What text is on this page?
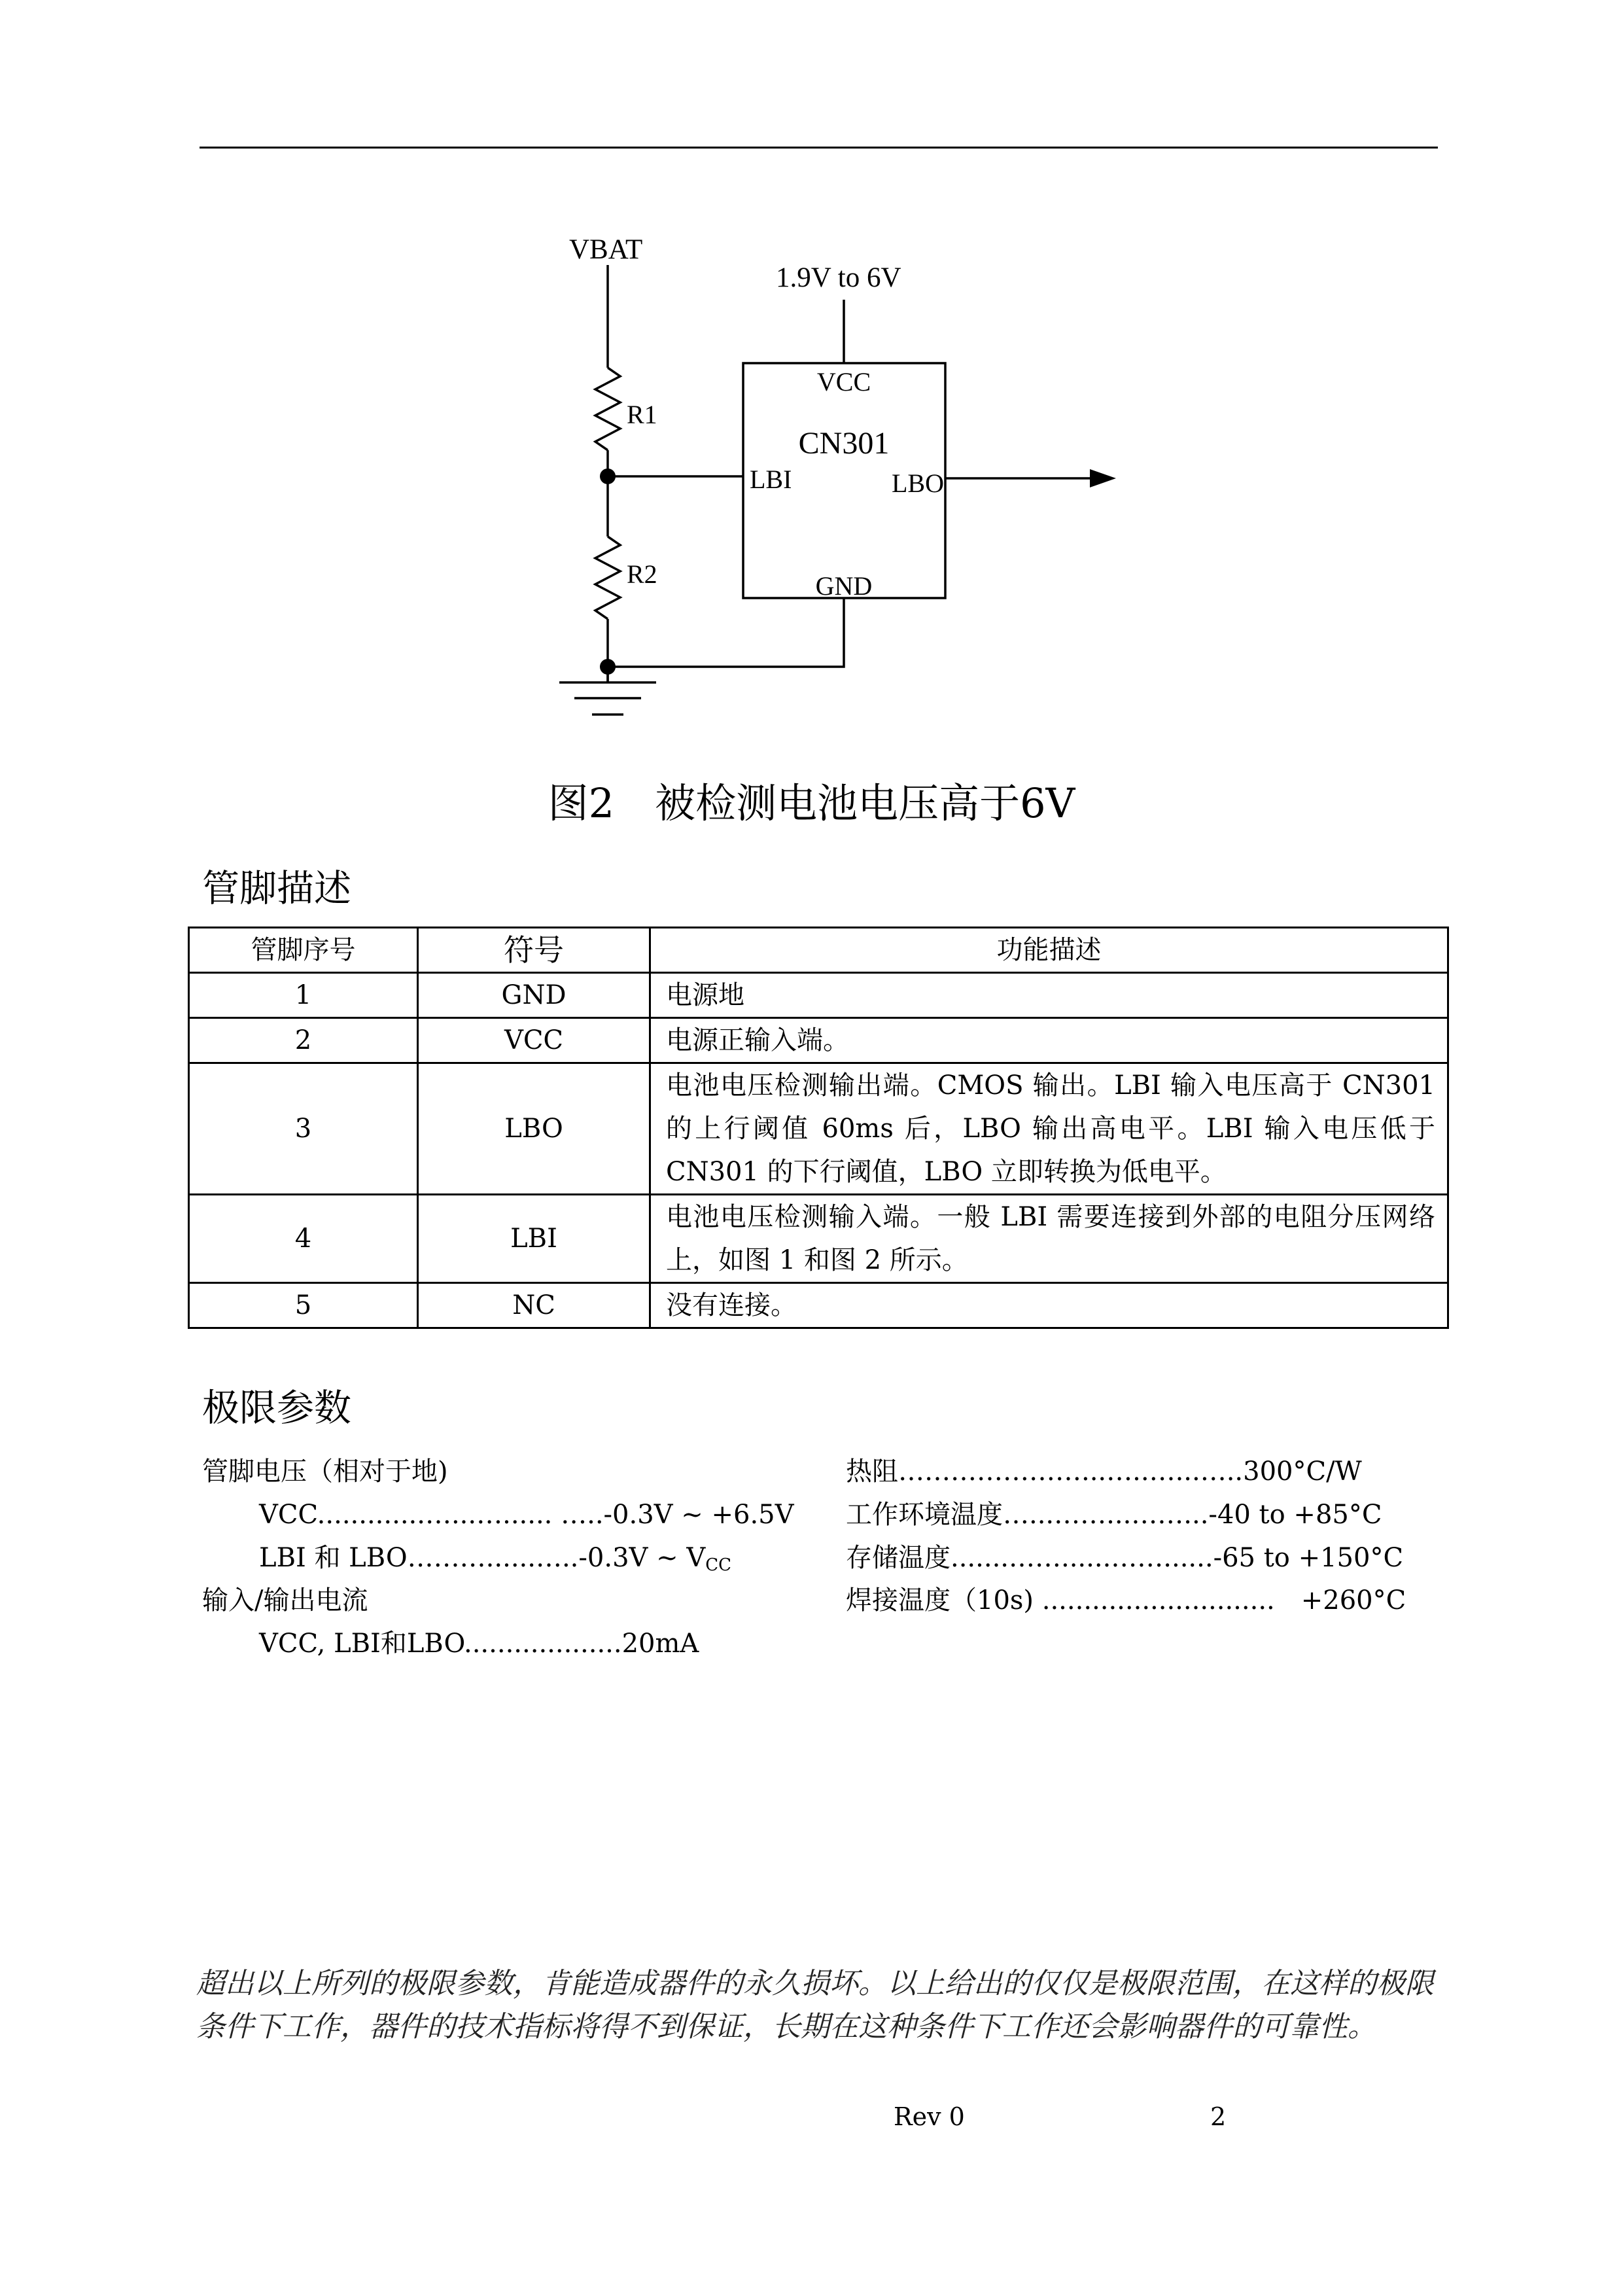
VBAT
1.9V to 6V
VCC
CN301
LBI	LBO
GND
R1
R2
图2　被检测电池电压高于6V
管脚描述
管脚序号	符号	功能描述
1	GND	电源地
2	VCC	电源正输入端。
3	LBO	电池电压检测输出端。CMOS 输出。LBI 输入电压高于 CN301 的上行阈值 60ms 后，LBO 输出高电平。LBI 输入电压低于 CN301 的下行阈值，LBO 立即转换为低电平。
4	LBI	电池电压检测输入端。一般 LBI 需要连接到外部的电阻分压网络上，如图 1 和图 2 所示。
5	NC	没有连接。
极限参数
管脚电压（相对于地)
VCC.............…...…...... …..-0.3V ~ +6.5V
LBI 和 LBO………......…..-0.3V ~ $V_{CC}$
输入/输出电流
VCC, LBI和LBO...................20mA
热阻…………………...…..…...…..300°C/W
工作环境温度…...……...……...-40 to +85°C
存储温度.......……......……......-65 to +150°C
焊接温度（10s) ............................　+260°C
超出以上所列的极限参数，肯能造成器件的永久损坏。以上给出的仅仅是极限范围，在这样的极限条件下工作，器件的技术指标将得不到保证，长期在这种条件下工作还会影响器件的可靠性。
Rev 0	2
